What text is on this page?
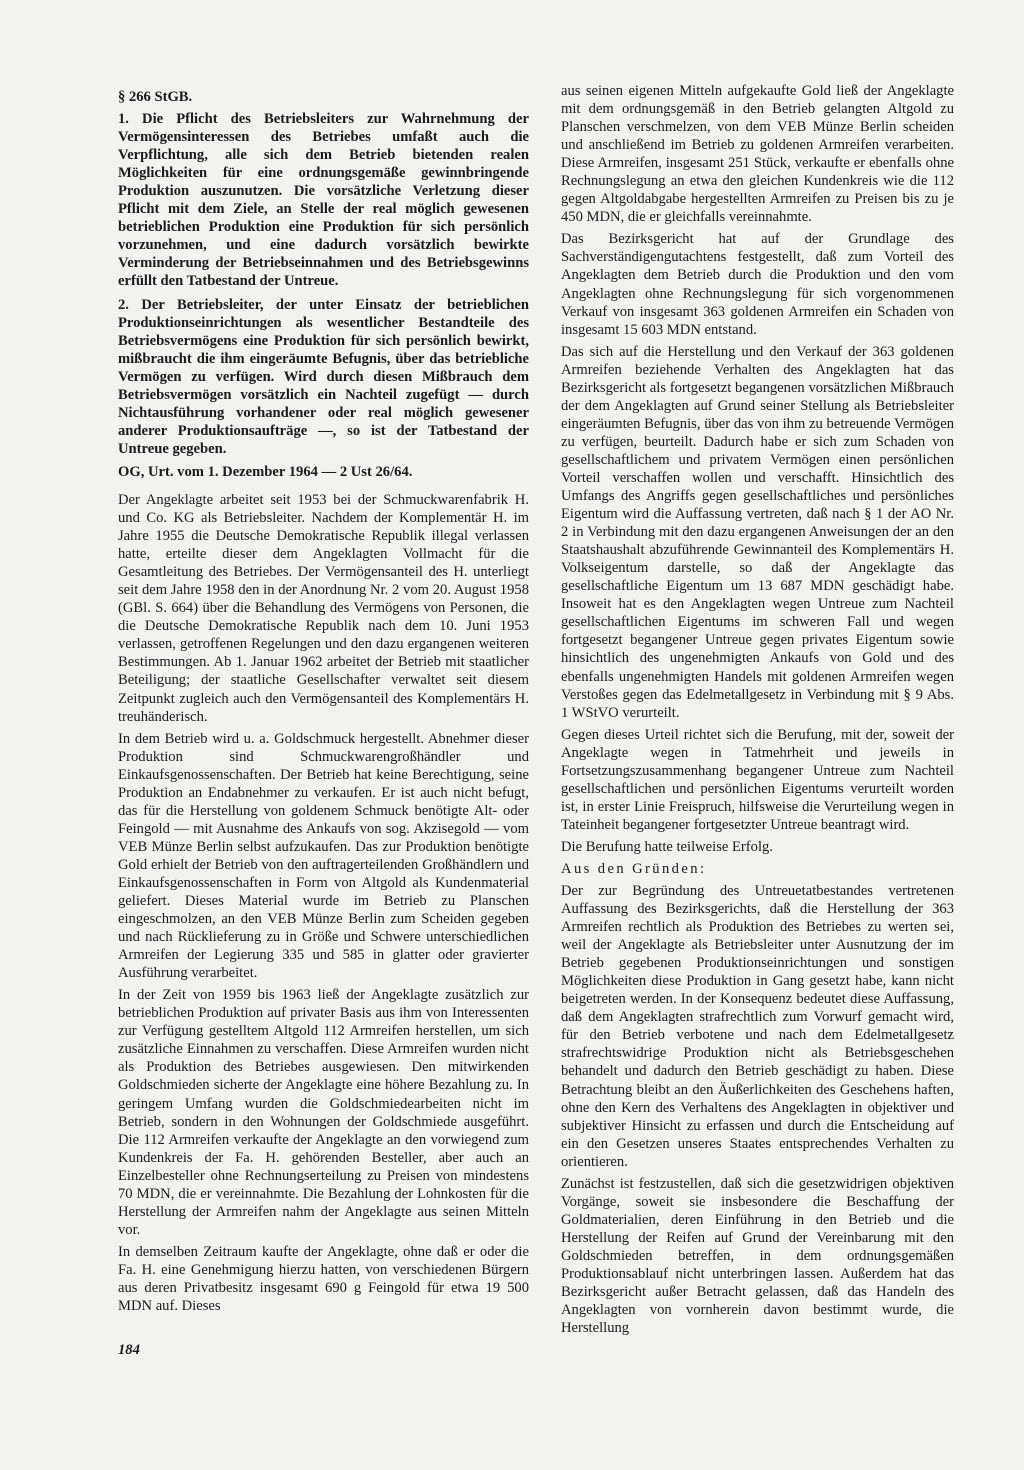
§ 266 StGB.

1. Die Pflicht des Betriebsleiters zur Wahrnehmung der Vermögensinteressen des Betriebes umfaßt auch die Verpflichtung, alle sich dem Betrieb bietenden realen Möglichkeiten für eine ordnungsgemäße gewinnbringende Produktion auszunutzen. Die vorsätzliche Verletzung dieser Pflicht mit dem Ziele, an Stelle der real möglich gewesenen betrieblichen Produktion eine Produktion für sich persönlich vorzunehmen, und eine dadurch vorsätzlich bewirkte Verminderung der Betriebseinnahmen und des Betriebsgewinns erfüllt den Tatbestand der Untreue.

2. Der Betriebsleiter, der unter Einsatz der betrieblichen Produktionseinrichtungen als wesentlicher Bestandteile des Betriebsvermögens eine Produktion für sich persönlich bewirkt, mißbraucht die ihm eingeräumte Befugnis, über das betriebliche Vermögen zu verfügen. Wird durch diesen Mißbrauch dem Betriebsvermögen vorsätzlich ein Nachteil zugefügt — durch Nichtausführung vorhandener oder real möglich gewesener anderer Produktionsaufträge —, so ist der Tatbestand der Untreue gegeben.

OG, Urt. vom 1. Dezember 1964 — 2 Ust 26/64.

Der Angeklagte arbeitet seit 1953 bei der Schmuckwarenfabrik H. und Co. KG als Betriebsleiter. Nachdem der Komplementär H. im Jahre 1955 die Deutsche Demokratische Republik illegal verlassen hatte, erteilte dieser dem Angeklagten Vollmacht für die Gesamtleitung des Betriebes. Der Vermögensanteil des H. unterliegt seit dem Jahre 1958 den in der Anordnung Nr. 2 vom 20. August 1958 (GBl. S. 664) über die Behandlung des Vermögens von Personen, die die Deutsche Demokratische Republik nach dem 10. Juni 1953 verlassen, getroffenen Regelungen und den dazu ergangenen weiteren Bestimmungen. Ab 1. Januar 1962 arbeitet der Betrieb mit staatlicher Beteiligung; der staatliche Gesellschafter verwaltet seit diesem Zeitpunkt zugleich auch den Vermögensanteil des Komplementärs H. treuhänderisch.

In dem Betrieb wird u. a. Goldschmuck hergestellt. Abnehmer dieser Produktion sind Schmuckwarengroßhändler und Einkaufsgenossenschaften. Der Betrieb hat keine Berechtigung, seine Produktion an Endabnehmer zu verkaufen. Er ist auch nicht befugt, das für die Herstellung von goldenem Schmuck benötigte Alt- oder Feingold — mit Ausnahme des Ankaufs von sog. Akzisegold — vom VEB Münze Berlin selbst aufzukaufen. Das zur Produktion benötigte Gold erhielt der Betrieb von den auftragerteilenden Großhändlern und Einkaufsgenossenschaften in Form von Altgold als Kundenmaterial geliefert. Dieses Material wurde im Betrieb zu Planschen eingeschmolzen, an den VEB Münze Berlin zum Scheiden gegeben und nach Rücklieferung zu in Größe und Schwere unterschiedlichen Armreifen der Legierung 335 und 585 in glatter oder gravierter Ausführung verarbeitet.

In der Zeit von 1959 bis 1963 ließ der Angeklagte zusätzlich zur betrieblichen Produktion auf privater Basis aus ihm von Interessenten zur Verfügung gestelltem Altgold 112 Armreifen herstellen, um sich zusätzliche Einnahmen zu verschaffen. Diese Armreifen wurden nicht als Produktion des Betriebes ausgewiesen. Den mitwirkenden Goldschmieden sicherte der Angeklagte eine höhere Bezahlung zu. In geringem Umfang wurden die Goldschmiedearbeiten nicht im Betrieb, sondern in den Wohnungen der Goldschmiede ausgeführt. Die 112 Armreifen verkaufte der Angeklagte an den vorwiegend zum Kundenkreis der Fa. H. gehörenden Besteller, aber auch an Einzelbesteller ohne Rechnungserteilung zu Preisen von mindestens 70 MDN, die er vereinnahmte. Die Bezahlung der Lohnkosten für die Herstellung der Armreifen nahm der Angeklagte aus seinen Mitteln vor.

In demselben Zeitraum kaufte der Angeklagte, ohne daß er oder die Fa. H. eine Genehmigung hierzu hatten, von verschiedenen Bürgern aus deren Privatbesitz insgesamt 690 g Feingold für etwa 19 500 MDN auf. Dieses

aus seinen eigenen Mitteln aufgekaufte Gold ließ der Angeklagte mit dem ordnungsgemäß in den Betrieb gelangten Altgold zu Planschen verschmelzen, von dem VEB Münze Berlin scheiden und anschließend im Betrieb zu goldenen Armreifen verarbeiten. Diese Armreifen, insgesamt 251 Stück, verkaufte er ebenfalls ohne Rechnungslegung an etwa den gleichen Kundenkreis wie die 112 gegen Altgoldabgabe hergestellten Armreifen zu Preisen bis zu je 450 MDN, die er gleichfalls vereinnahmte.

Das Bezirksgericht hat auf der Grundlage des Sachverständigengutachtens festgestellt, daß zum Vorteil des Angeklagten dem Betrieb durch die Produktion und den vom Angeklagten ohne Rechnungslegung für sich vorgenommenen Verkauf von insgesamt 363 goldenen Armreifen ein Schaden von insgesamt 15 603 MDN entstand.

Das sich auf die Herstellung und den Verkauf der 363 goldenen Armreifen beziehende Verhalten des Angeklagten hat das Bezirksgericht als fortgesetzt begangenen vorsätzlichen Mißbrauch der dem Angeklagten auf Grund seiner Stellung als Betriebsleiter eingeräumten Befugnis, über das von ihm zu betreuende Vermögen zu verfügen, beurteilt. Dadurch habe er sich zum Schaden von gesellschaftlichem und privatem Vermögen einen persönlichen Vorteil verschaffen wollen und verschafft. Hinsichtlich des Umfangs des Angriffs gegen gesellschaftliches und persönliches Eigentum wird die Auffassung vertreten, daß nach § 1 der AO Nr. 2 in Verbindung mit den dazu ergangenen Anweisungen der an den Staatshaushalt abzuführende Gewinnanteil des Komplementärs H. Volkseigentum darstelle, so daß der Angeklagte das gesellschaftliche Eigentum um 13 687 MDN geschädigt habe. Insoweit hat es den Angeklagten wegen Untreue zum Nachteil gesellschaftlichen Eigentums im schweren Fall und wegen fortgesetzt begangener Untreue gegen privates Eigentum sowie hinsichtlich des ungenehmigten Ankaufs von Gold und des ebenfalls ungenehmigten Handels mit goldenen Armreifen wegen Verstoßes gegen das Edelmetallgesetz in Verbindung mit § 9 Abs. 1 WStVO verurteilt.

Gegen dieses Urteil richtet sich die Berufung, mit der, soweit der Angeklagte wegen in Tatmehrheit und jeweils in Fortsetzungszusammenhang begangener Untreue zum Nachteil gesellschaftlichen und persönlichen Eigentums verurteilt worden ist, in erster Linie Freispruch, hilfsweise die Verurteilung wegen in Tateinheit begangener fortgesetzter Untreue beantragt wird.

Die Berufung hatte teilweise Erfolg.

Aus den Gründen:

Der zur Begründung des Untreuetatbestandes vertretenen Auffassung des Bezirksgerichts, daß die Herstellung der 363 Armreifen rechtlich als Produktion des Betriebes zu werten sei, weil der Angeklagte als Betriebsleiter unter Ausnutzung der im Betrieb gegebenen Produktionseinrichtungen und sonstigen Möglichkeiten diese Produktion in Gang gesetzt habe, kann nicht beigetreten werden. In der Konsequenz bedeutet diese Auffassung, daß dem Angeklagten strafrechtlich zum Vorwurf gemacht wird, für den Betrieb verbotene und nach dem Edelmetallgesetz strafrechtswidrige Produktion nicht als Betriebsgeschehen behandelt und dadurch den Betrieb geschädigt zu haben. Diese Betrachtung bleibt an den Äußerlichkeiten des Geschehens haften, ohne den Kern des Verhaltens des Angeklagten in objektiver und subjektiver Hinsicht zu erfassen und durch die Entscheidung auf ein den Gesetzen unseres Staates entsprechendes Verhalten zu orientieren.

Zunächst ist festzustellen, daß sich die gesetzwidrigen objektiven Vorgänge, soweit sie insbesondere die Beschaffung der Goldmaterialien, deren Einführung in den Betrieb und die Herstellung der Reifen auf Grund der Vereinbarung mit den Goldschmieden betreffen, in dem ordnungsgemäßen Produktionsablauf nicht unterbringen lassen. Außerdem hat das Bezirksgericht außer Betracht gelassen, daß das Handeln des Angeklagten von vornherein davon bestimmt wurde, die Herstellung

184
